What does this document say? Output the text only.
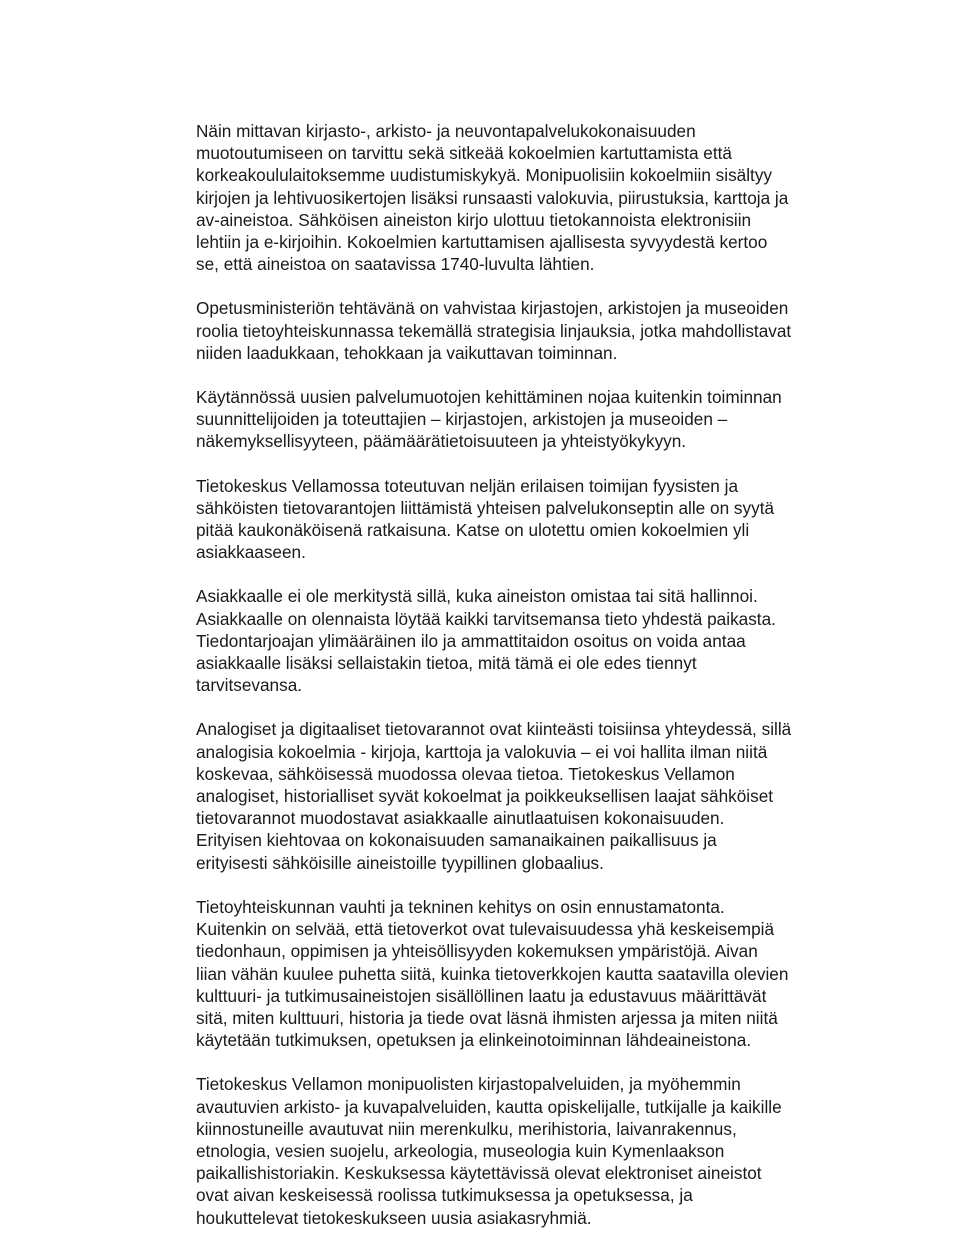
Näin mittavan kirjasto-, arkisto- ja neuvontapalvelukokonaisuuden
muotoutumiseen on tarvittu sekä sitkeää kokoelmien kartuttamista että
korkeakoululaitoksemme uudistumiskykyä. Monipuolisiin kokoelmiin sisältyy
kirjojen ja lehtivuosikertojen lisäksi runsaasti valokuvia, piirustuksia, karttoja ja
av-aineistoa. Sähköisen aineiston kirjo ulottuu tietokannoista elektronisiin
lehtiin ja e-kirjoihin. Kokoelmien kartuttamisen ajallisesta syvyydestä kertoo
se, että aineistoa on saatavissa 1740-luvulta lähtien.
Opetusministeriön tehtävänä on vahvistaa kirjastojen, arkistojen ja museoiden
roolia tietoyhteiskunnassa tekemällä strategisia linjauksia, jotka mahdollistavat
niiden laadukkaan, tehokkaan ja vaikuttavan toiminnan.
Käytännössä uusien palvelumuotojen kehittäminen nojaa kuitenkin toiminnan
suunnittelijoiden ja toteuttajien – kirjastojen, arkistojen ja museoiden –
näkemyksellisyyteen, päämäärätietoisuuteen ja yhteistyökykyyn.
Tietokeskus Vellamossa toteutuvan neljän erilaisen toimijan fyysisten ja
sähköisten tietovarantojen liittämistä yhteisen palvelukonseptin alle on syytä
pitää kaukonäköisenä ratkaisuna. Katse on ulotettu omien kokoelmien yli
asiakkaaseen.
Asiakkaalle ei ole merkitystä sillä, kuka aineiston omistaa tai sitä hallinnoi.
Asiakkaalle on olennaista löytää kaikki tarvitsemansa tieto yhdestä paikasta.
Tiedontarjoajan ylimääräinen ilo ja ammattitaidon osoitus on voida antaa
asiakkaalle lisäksi sellaistakin tietoa, mitä tämä ei ole edes tiennyt
tarvitsevansa.
Analogiset ja digitaaliset tietovarannot ovat kiinteästi toisiinsa yhteydessä, sillä
analogisia kokoelmia - kirjoja, karttoja ja valokuvia – ei voi hallita ilman niitä
koskevaa, sähköisessä muodossa olevaa tietoa. Tietokeskus Vellamon
analogiset, historialliset syvät kokoelmat ja poikkeuksellisen laajat sähköiset
tietovarannot muodostavat asiakkaalle ainutlaatuisen kokonaisuuden.
Erityisen kiehtovaa on kokonaisuuden samanaikainen paikallisuus ja
erityisesti sähköisille aineistoille tyypillinen globaalius.
Tietoyhteiskunnan vauhti ja tekninen kehitys on osin ennustamatonta.
Kuitenkin on selvää, että tietoverkot ovat tulevaisuudessa yhä keskeisempiä
tiedonhaun, oppimisen ja yhteisöllisyyden kokemuksen ympäristöjä. Aivan
liian vähän kuulee puhetta siitä, kuinka tietoverkkojen kautta saatavilla olevien
kulttuuri- ja tutkimusaineistojen sisällöllinen laatu ja edustavuus määrittävät
sitä, miten kulttuuri, historia ja tiede ovat läsnä ihmisten arjessa ja miten niitä
käytetään tutkimuksen, opetuksen ja elinkeinotoiminnan lähdeaineistona.
Tietokeskus Vellamon monipuolisten kirjastopalveluiden, ja myöhemmin
avautuvien arkisto- ja kuvapalveluiden, kautta opiskelijalle, tutkijalle ja kaikille
kiinnostuneille avautuvat niin merenkulku, merihistoria, laivanrakennus,
etnologia, vesien suojelu, arkeologia, museologia kuin Kymenlaakson
paikallishistoriakin. Keskuksessa käytettävissä olevat elektroniset aineistot
ovat aivan keskeisessä roolissa tutkimuksessa ja opetuksessa, ja
houkuttelevat tietokeskukseen uusia asiakasryhmiä.
